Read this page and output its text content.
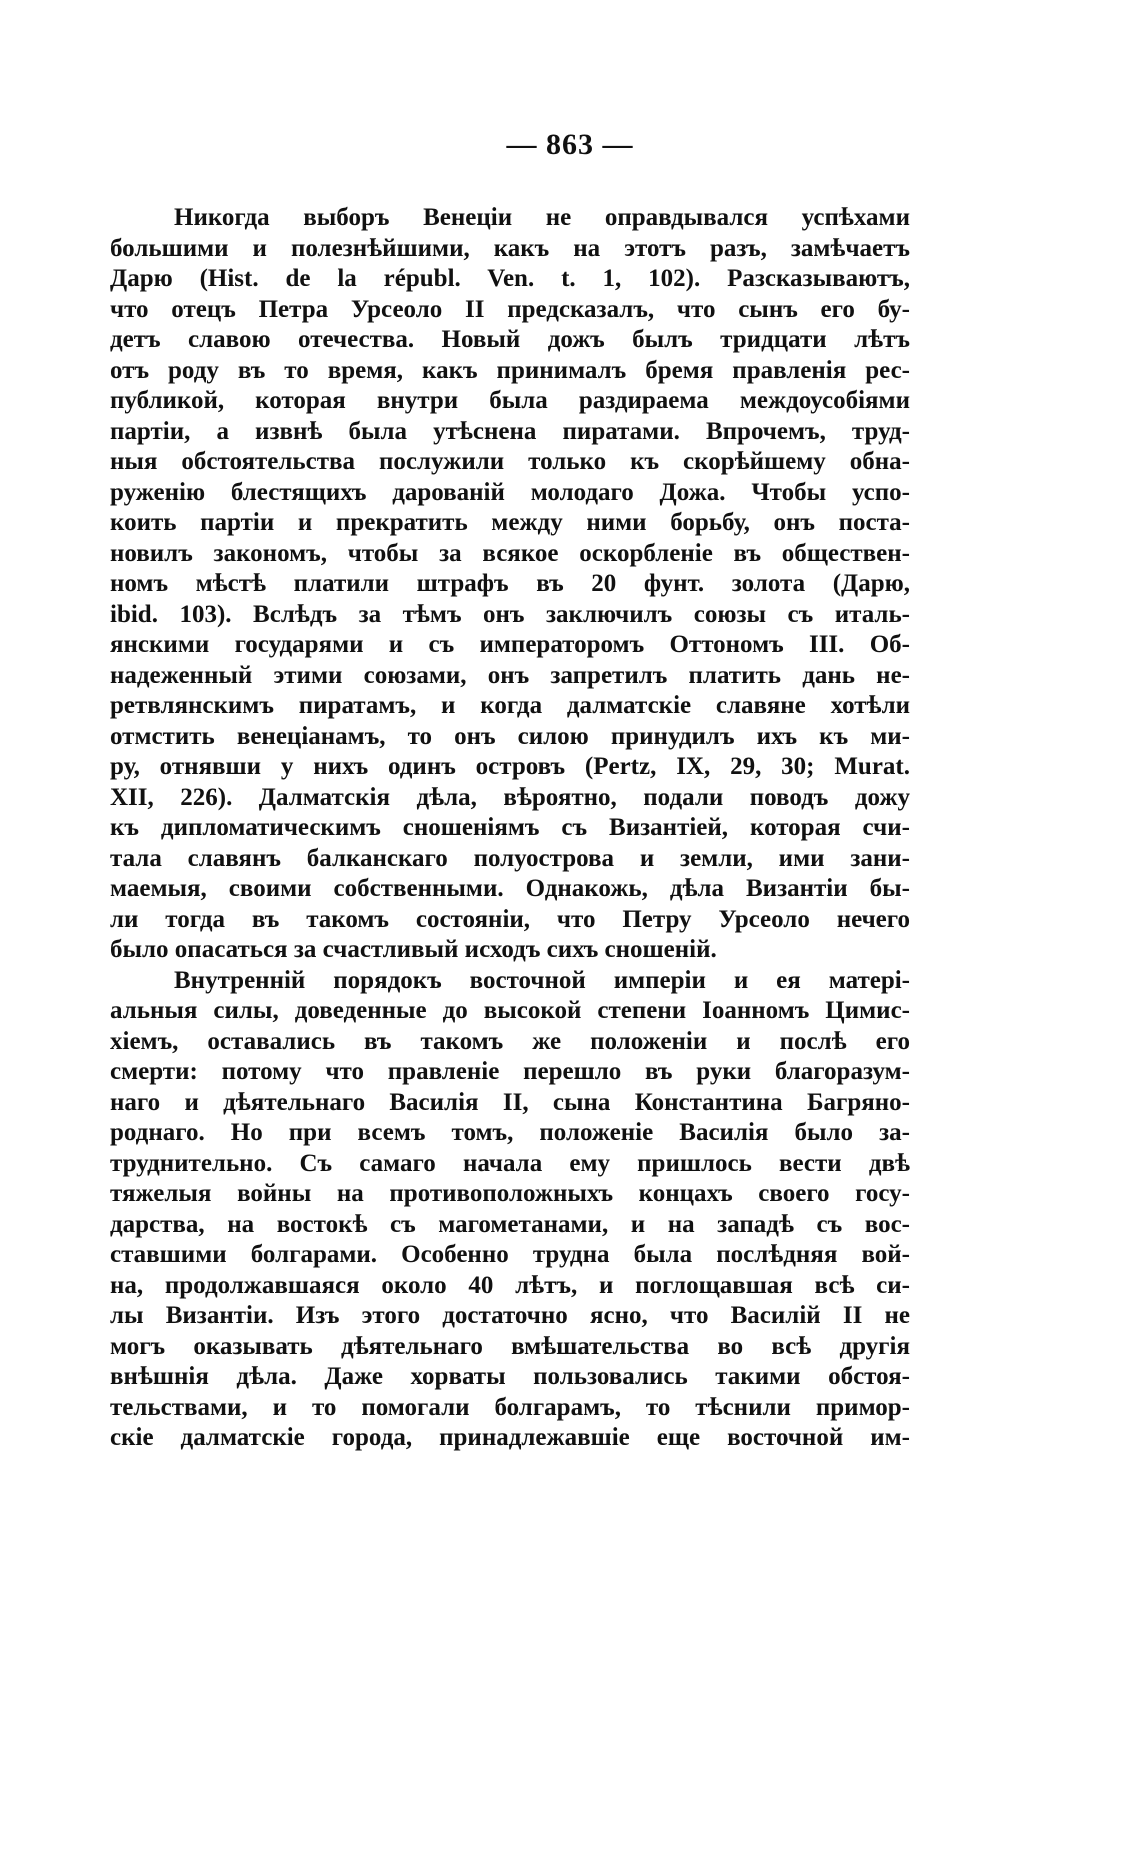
— 863 —

Никогда выборъ Венеціи не оправдывался успѣхами
большими и полезнѣйшими, какъ на этотъ разъ, замѣчаетъ
Дарю (Hist. de la républ. Ven. t. 1, 102). Разсказываютъ,
что отецъ Петра Урсеоло II предсказалъ, что сынъ его бу-
детъ славою отечества. Новый дожъ былъ тридцати лѣтъ
отъ роду въ то время, какъ принималъ бремя правленія рес-
публикой, которая внутри была раздираема междоусобіями
партіи, а извнѣ была утѣснена пиратами. Впрочемъ, труд-
ныя обстоятельства послужили только къ скорѣйшему обна-
руженію блестящихъ дарованій молодаго Дожа. Чтобы успо-
коить партіи и прекратить между ними борьбу, онъ поста-
новилъ закономъ, чтобы за всякое оскорбленіе въ обществен-
номъ мѣстѣ платили штрафъ въ 20 фунт. золота (Дарю,
ibid. 103). Вслѣдъ за тѣмъ онъ заключилъ союзы съ италь-
янскими государями и съ императоромъ Оттономъ III. Об-
надеженный этими союзами, онъ запретилъ платить дань не-
ретвлянскимъ пиратамъ, и когда далматскіе славяне хотѣли
отмстить венеціанамъ, то онъ силою принудилъ ихъ къ ми-
ру, отнявши у нихъ одинъ островъ (Pertz, IX, 29, 30; Murat.
XII, 226). Далматскія дѣла, вѣроятно, подали поводъ дожу
къ дипломатическимъ сношеніямъ съ Византіей, которая счи-
тала славянъ балканскаго полуострова и земли, ими зани-
маемыя, своими собственными. Однакожь, дѣла Византіи бы-
ли тогда въ такомъ состояніи, что Петру Урсеоло нечего
было опасаться за счастливый исходъ сихъ сношеній.

Внутренній порядокъ восточной имперіи и ея матері-
альныя силы, доведенные до высокой степени Іоанномъ Цимис-
хіемъ, оставались въ такомъ же положеніи и послѣ его
смерти: потому что правленіе перешло въ руки благоразум-
наго и дѣятельнаго Василія II, сына Константина Багряно-
роднаго. Но при всемъ томъ, положеніе Василія было за-
труднительно. Съ самаго начала ему пришлось вести двѣ
тяжелыя войны на противоположныхъ концахъ своего госу-
дарства, на востокѣ съ магометанами, и на западѣ съ вос-
ставшими болгарами. Особенно трудна была послѣдняя вой-
на, продолжавшаяся около 40 лѣтъ, и поглощавшая всѣ си-
лы Византіи. Изъ этого достаточно ясно, что Василій II не
могъ оказывать дѣятельнаго вмѣшательства во всѣ другія
внѣшнія дѣла. Даже хорваты пользовались такими обстоя-
тельствами, и то помогали болгарамъ, то тѣснили примор-
скіе далматскіе города, принадлежавшіе еще восточной им-
